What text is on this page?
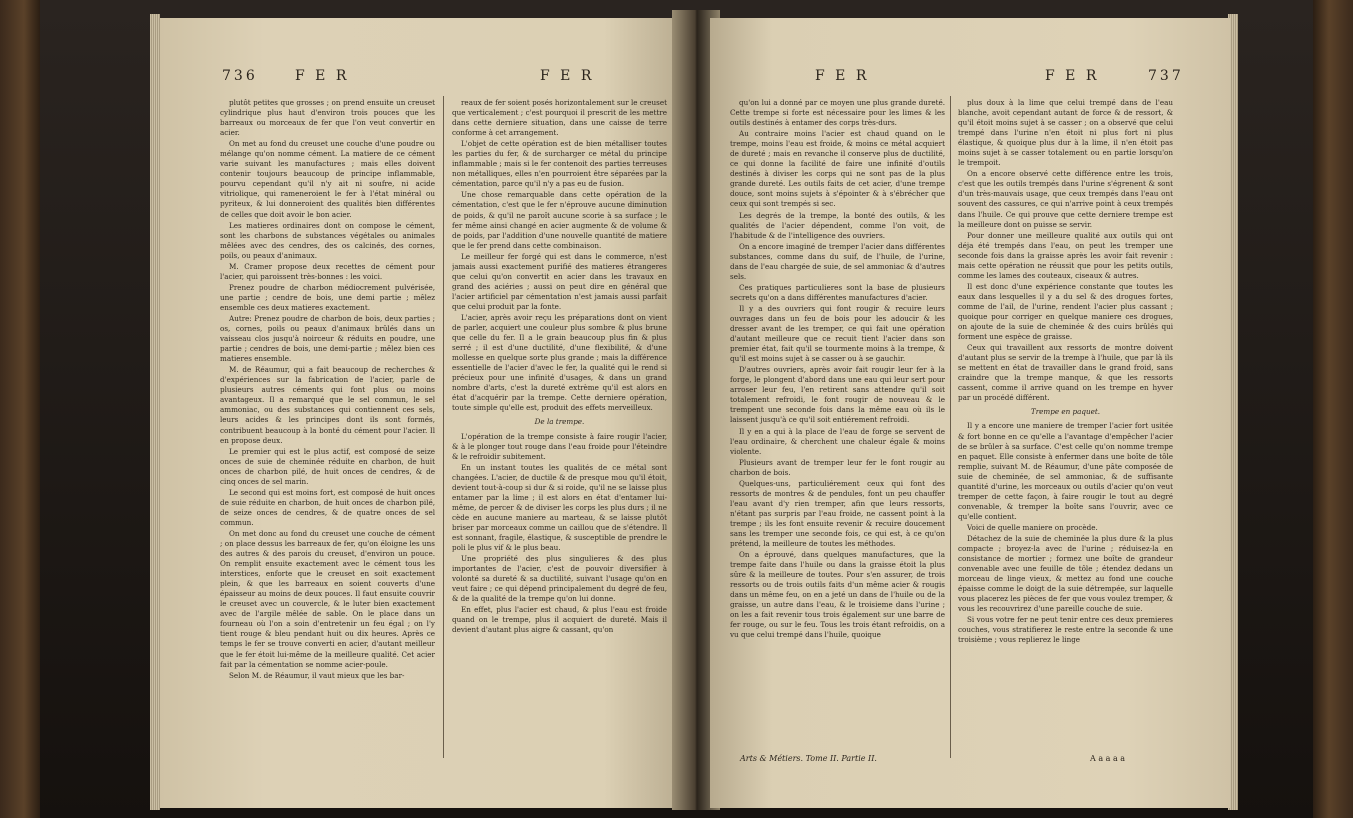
736	F E R	F E R

plutôt petites que grosses ; on prend ensuite un creuset cylindrique plus haut d'environ trois pouces que les barreaux ou morceaux de fer que l'on veut convertir en acier.

On met au fond du creuset une couche d'une poudre ou mélange qu'on nomme cément. La matiere de ce cément varie suivant les manufactures ; mais elles doivent contenir toujours beaucoup de principe inflammable, pourvu cependant qu'il n'y ait ni soufre, ni acide vitriolique, qui rameneroient le fer à l'état minéral ou pyriteux, & lui donneroient des qualités bien différentes de celles que doit avoir le bon acier.

Les matieres ordinaires dont on compose le cément, sont les charbons de substances végétales ou animales mêlées avec des cendres, des os calcinés, des cornes, poils, ou peaux d'animaux.

M. Cramer propose deux recettes de cément pour l'acier, qui paroissent très-bonnes : les voici.

Prenez poudre de charbon médiocrement pulvérisée, une partie ; cendre de bois, une demi partie ; mêlez ensemble ces deux matieres exactement.

Autre: Prenez poudre de charbon de bois, deux parties ; os, cornes, poils ou peaux d'animaux brûlés dans un vaisseau clos jusqu'à noirceur & réduits en poudre, une partie ; cendres de bois, une demi-partie ; mêlez bien ces matieres ensemble.

M. de Réaumur, qui a fait beaucoup de recherches & d'expériences sur la fabrication de l'acier, parle de plusieurs autres céments qui font plus ou moins avantageux. Il a remarqué que le sel commun, le sel ammoniac, ou des substances qui contiennent ces sels, leurs acides & les principes dont ils sont formés, contribuent beaucoup à la bonté du cément pour l'acier. Il en propose deux.

Le premier qui est le plus actif, est composé de seize onces de suie de cheminée réduite en charbon, de huit onces de charbon pilé, de huit onces de cendres, & de cinq onces de sel marin.

Le second qui est moins fort, est composé de huit onces de suie réduite en charbon, de huit onces de charbon pilé, de seize onces de cendres, & de quatre onces de sel commun.

On met donc au fond du creuset une couche de cément ; on place dessus les barreaux de fer, qu'on éloigne les uns des autres & des parois du creuset, d'environ un pouce. On remplit ensuite exactement avec le cément tous les interstices, enforte que le creuset en soit exactement plein, & que les barreaux en soient couverts d'une épaisseur au moins de deux pouces. Il faut ensuite couvrir le creuset avec un couvercle, & le luter bien exactement avec de l'argile mêlée de sable. On le place dans un fourneau où l'on a soin d'entretenir un feu égal ; on l'y tient rouge & bleu pendant huit ou dix heures. Après ce temps le fer se trouve converti en acier, d'autant meilleur que le fer étoit lui-même de la meilleure qualité. Cet acier fait par la cémentation se nomme acier-poule.

Selon M. de Réaumur, il vaut mieux que les bar-

reaux de fer soient posés horizontalement sur le creuset que verticalement ; c'est pourquoi il prescrit de les mettre dans cette derniere situation, dans une caisse de terre conforme à cet arrangement.

L'objet de cette opération est de bien métalliser toutes les parties du fer, & de surcharger ce métal du principe inflammable ; mais si le fer contenoit des parties terreuses non métalliques, elles n'en pourroient être séparées par la cémentation, parce qu'il n'y a pas eu de fusion.

Une chose remarquable dans cette opération de la cémentation, c'est que le fer n'éprouve aucune diminution de poids, & qu'il ne paroît aucune scorie à sa surface ; le fer même ainsi changé en acier augmente & de volume & de poids, par l'addition d'une nouvelle quantité de matiere que le fer prend dans cette combinaison.

Le meilleur fer forgé qui est dans le commerce, n'est jamais aussi exactement purifié des matieres étrangeres que celui qu'on convertit en acier dans les travaux en grand des aciéries ; aussi on peut dire en général que l'acier artificiel par cémentation n'est jamais aussi parfait que celui produit par la fonte.

L'acier, après avoir reçu les préparations dont on vient de parler, acquiert une couleur plus sombre & plus brune que celle du fer. Il a le grain beaucoup plus fin & plus serré ; il est d'une ductilité, d'une flexibilité, & d'une mollesse en quelque sorte plus grande ; mais la différence essentielle de l'acier d'avec le fer, la qualité qui le rend si précieux pour une infinité d'usages, & dans un grand nombre d'arts, c'est la dureté extrème qu'il est alors en état d'acquérir par la trempe. Cette derniere opération, toute simple qu'elle est, produit des effets merveilleux.

De la trempe.

L'opération de la trempe consiste à faire rougir l'acier, & à le plonger tout rouge dans l'eau froide pour l'éteindre & le refroidir subitement.

En un instant toutes les qualités de ce métal sont changées. L'acier, de ductile & de presque mou qu'il étoit, devient tout-à-coup si dur & si roide, qu'il ne se laisse plus entamer par la lime ; il est alors en état d'entamer lui-même, de percer & de diviser les corps les plus durs ; il ne cède en aucune maniere au marteau, & se laisse plutôt briser par morceaux comme un caillou que de s'étendre. Il est sonnant, fragile, élastique, & susceptible de prendre le poli le plus vif & le plus beau.

Une propriété des plus singulieres & des plus importantes de l'acier, c'est de pouvoir diversifier à volonté sa dureté & sa ductilité, suivant l'usage qu'on en veut faire ; ce qui dépend principalement du degré de feu, & de la qualité de la trempe qu'on lui donne.

En effet, plus l'acier est chaud, & plus l'eau est froide quand on le trempe, plus il acquiert de dureté. Mais il devient d'autant plus aigre & cassant, qu'on

F E R	F E R	737

qu'on lui a donné par ce moyen une plus grande dureté. Cette trempe si forte est nécessaire pour les limes & les outils destinés à entamer des corps très-durs.

Au contraire moins l'acier est chaud quand on le trempe, moins l'eau est froide, & moins ce métal acquiert de dureté ; mais en revanche il conserve plus de ductilité, ce qui donne la facilité de faire une infinité d'outils destinés à diviser les corps qui ne sont pas de la plus grande dureté. Les outils faits de cet acier, d'une trempe douce, sont moins sujets à s'épointer & à s'ébrécher que ceux qui sont trempés si sec.

Les degrés de la trempe, la bonté des outils, & les qualités de l'acier dépendent, comme l'on voit, de l'habitude & de l'intelligence des ouvriers.

On a encore imaginé de tremper l'acier dans différentes substances, comme dans du suif, de l'huile, de l'urine, dans de l'eau chargée de suie, de sel ammoniac & d'autres sels.

Ces pratiques particulieres sont la base de plusieurs secrets qu'on a dans différentes manufactures d'acier.

Il y a des ouvriers qui font rougir & recuire leurs ouvrages dans un feu de bois pour les adoucir & les dresser avant de les tremper, ce qui fait une opération d'autant meilleure que ce recuit tient l'acier dans son premier état, fait qu'il se tourmente moins à la trempe, & qu'il est moins sujet à se casser ou à se gauchir.

D'autres ouvriers, après avoir fait rougir leur fer à la forge, le plongent d'abord dans une eau qui leur sert pour arroser leur feu, l'en retirent sans attendre qu'il soit totalement refroidi, le font rougir de nouveau & le trempent une seconde fois dans la même eau où ils le laissent jusqu'à ce qu'il soit entiérement refroidi.

Il y en a qui à la place de l'eau de forge se servent de l'eau ordinaire, & cherchent une chaleur égale & moins violente.

Plusieurs avant de tremper leur fer le font rougir au charbon de bois.

Quelques-uns, particuliérement ceux qui font des ressorts de montres & de pendules, font un peu chauffer l'eau avant d'y rien tremper, afin que leurs ressorts, n'étant pas surpris par l'eau froide, ne cassent point à la trempe ; ils les font ensuite revenir & recuire doucement sans les tremper une seconde fois, ce qui est, à ce qu'on prétend, la meilleure de toutes les méthodes.

On a éprouvé, dans quelques manufactures, que la trempe faite dans l'huile ou dans la graisse étoit la plus sûre & la meilleure de toutes. Pour s'en assurer, de trois ressorts ou de trois outils faits d'un même acier & rougis dans un même feu, on en a jeté un dans de l'huile ou de la graisse, un autre dans l'eau, & le troisieme dans l'urine ; on les a fait revenir tous trois également sur une barre de fer rouge, ou sur le feu. Tous les trois étant refroidis, on a vu que celui trempé dans l'huile, quoique

plus doux à la lime que celui trempé dans de l'eau blanche, avoit cependant autant de force & de ressort, & qu'il étoit moins sujet à se casser ; on a observé que celui trempé dans l'urine n'en étoit ni plus fort ni plus élastique, & quoique plus dur à la lime, il n'en étoit pas moins sujet à se casser totalement ou en partie lorsqu'on le trempoit.

On a encore observé cette différence entre les trois, c'est que les outils trempés dans l'urine s'égrenent & sont d'un très-mauvais usage, que ceux trempés dans l'eau ont souvent des cassures, ce qui n'arrive point à ceux trempés dans l'huile. Ce qui prouve que cette derniere trempe est la meilleure dont on puisse se servir.

Pour donner une meilleure qualité aux outils qui ont déja été trempés dans l'eau, on peut les tremper une seconde fois dans la graisse après les avoir fait revenir : mais cette opération ne réussit que pour les petits outils, comme les lames des couteaux, ciseaux & autres.

Il est donc d'une expérience constante que toutes les eaux dans lesquelles il y a du sel & des drogues fortes, comme de l'ail, de l'urine, rendent l'acier plus cassant ; quoique pour corriger en quelque maniere ces drogues, on ajoute de la suie de cheminée & des cuirs brûlés qui forment une espèce de graisse.

Ceux qui travaillent aux ressorts de montre doivent d'autant plus se servir de la trempe à l'huile, que par là ils se mettent en état de travailler dans le grand froid, sans craindre que la trempe manque, & que les ressorts cassent, comme il arrive quand on les trempe en hyver par un procédé différent.

Trempe en paquet.

Il y a encore une maniere de tremper l'acier fort usitée & fort bonne en ce qu'elle a l'avantage d'empêcher l'acier de se brûler à sa surface. C'est celle qu'on nomme trempe en paquet. Elle consiste à enfermer dans une boîte de tôle remplie, suivant M. de Réaumur, d'une pâte composée de suie de cheminée, de sel ammoniac, & de suffisante quantité d'urine, les morceaux ou outils d'acier qu'on veut tremper de cette façon, à faire rougir le tout au degré convenable, & tremper la boîte sans l'ouvrir, avec ce qu'elle contient.

Voici de quelle maniere on procède.

Détachez de la suie de cheminée la plus dure & la plus compacte ; broyez-la avec de l'urine ; réduisez-la en consistance de mortier ; formez une boîte de grandeur convenable avec une feuille de tôle ; étendez dedans un morceau de linge vieux, & mettez au fond une couche épaisse comme le doigt de la suie détrempée, sur laquelle vous placerez les pièces de fer que vous voulez tremper, & vous les recouvrirez d'une pareille couche de suie.

Si vous votre fer ne peut tenir entre ces deux premieres couches, vous stratifierez le reste entre la seconde & une troisième ; vous replierez le linge

Arts & Métiers. Tome II. Partie II.	A a a a a
